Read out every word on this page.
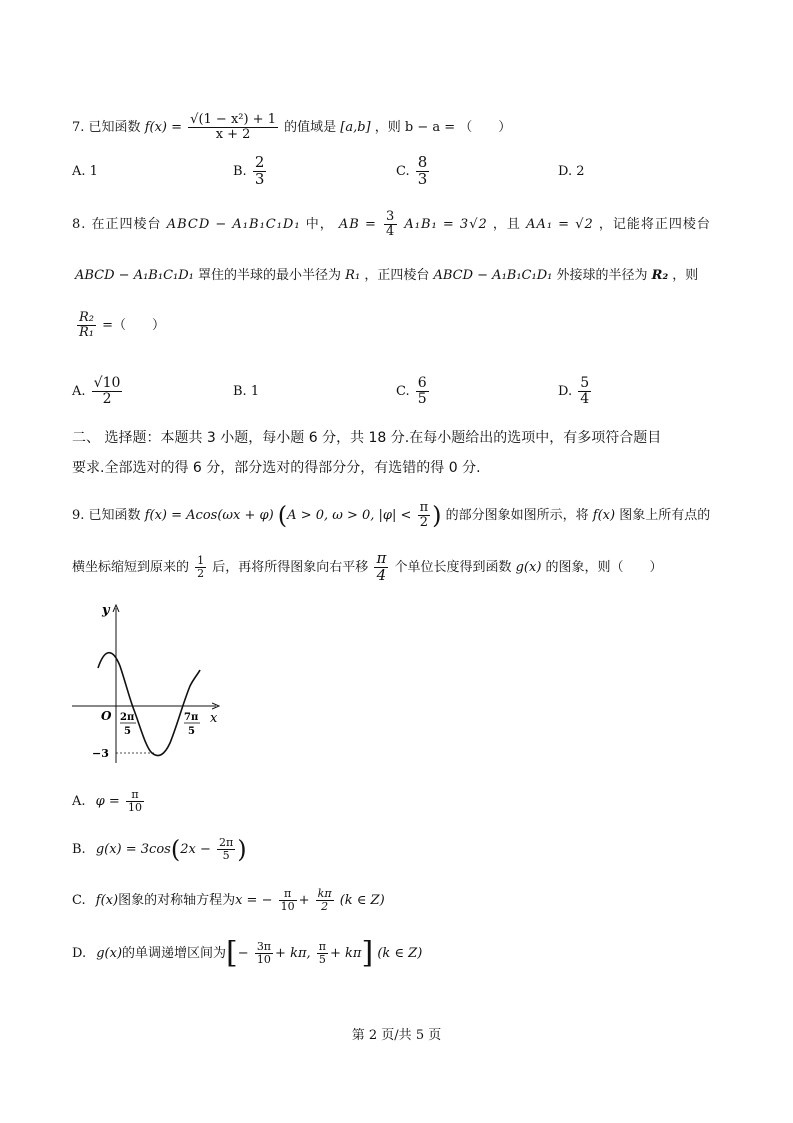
7. 已知函数 $f(x) = \frac{\text{√(1 − x²) + 1}}{x + 2}$ 的值域是 [a,b] ，则 b − a = （　　）
A. 1	B. $\frac{2}{3}$	C. $\frac{8}{3}$	D. 2
8. 在正四棱台 ABCD − A₁B₁C₁D₁ 中， AB = $\frac{3}{4} A_1B_1 = 3√2$ ，且 AA₁ = √2 ，记能将正四棱台
ABCD − A₁B₁C₁D₁ 罩住的半球的最小半径为 R₁ ，正四棱台 ABCD − A₁B₁C₁D₁ 外接球的半径为 R₂ ，则
$\frac{\text{R₂}}{\text{R₁}}$ =（　　）
A. $\frac{√10}{2}$	B. 1	C. $\frac{6}{5}$	D. $\frac{5}{4}$
二、 选择题：本题共 3 小题，每小题 6 分，共 18 分.在每小题给出的选项中，有多项符合题目
要求.全部选对的得 6 分，部分选对的得部分分，有选错的得 0 分.
9. 已知函数 f(x) = Acos(ωx + φ) (A > 0, ω > 0, $|\varphi| < \frac{\pi}{2}$ ) 的部分图象如图所示，将 f(x) 图象上所有点的
横坐标缩短到原来的 $\frac{1}{2}$ 后，再将所得图象向右平移 $\frac{\pi}{4}$ 个单位长度得到函数 g(x) 的图象，则（　　）
y
x
O 2π
5
7π
5
−3
A. $\varphi = \frac{\pi}{10}$
B. $g(x) = 3\cos(2x - \frac{2\pi}{5}$ )
C. f(x)图象的对称轴方程为x = − $\frac{\pi}{10} + \frac{k\pi}{2} (k$ ∈ Z)
D. g(x)的单调递增区间为[− $\frac{3\pi}{10} + k\pi$, $\frac{\pi}{5} + k\pi$] (k ∈ Z)
第 2 页/共 5 页
